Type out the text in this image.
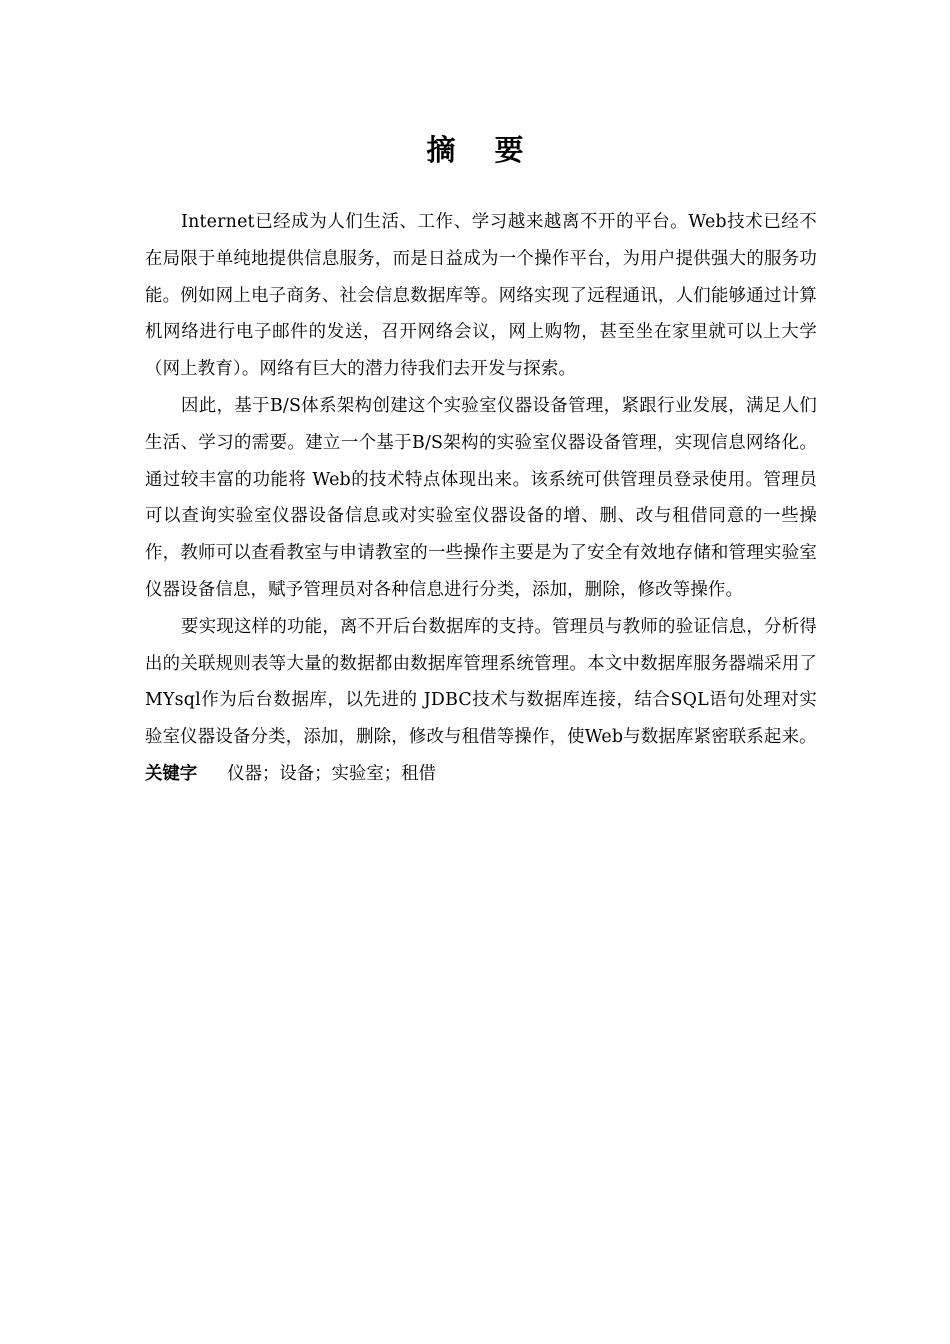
摘 要

Internet已经成为人们生活、工作、学习越来越离不开的平台。Web技术已经不在局限于单纯地提供信息服务，而是日益成为一个操作平台，为用户提供强大的服务功能。例如网上电子商务、社会信息数据库等。网络实现了远程通讯，人们能够通过计算机网络进行电子邮件的发送，召开网络会议，网上购物，甚至坐在家里就可以上大学（网上教育）。网络有巨大的潜力待我们去开发与探索。

因此，基于B/S体系架构创建这个实验室仪器设备管理，紧跟行业发展，满足人们生活、学习的需要。建立一个基于B/S架构的实验室仪器设备管理，实现信息网络化。通过较丰富的功能将 Web的技术特点体现出来。该系统可供管理员登录使用。管理员可以查询实验室仪器设备信息或对实验室仪器设备的增、删、改与租借同意的一些操作，教师可以查看教室与申请教室的一些操作主要是为了安全有效地存储和管理实验室仪器设备信息，赋予管理员对各种信息进行分类，添加，删除，修改等操作。

要实现这样的功能，离不开后台数据库的支持。管理员与教师的验证信息，分析得出的关联规则表等大量的数据都由数据库管理系统管理。本文中数据库服务器端采用了MYsql作为后台数据库，以先进的 JDBC技术与数据库连接，结合SQL语句处理对实验室仪器设备分类，添加，删除，修改与租借等操作，使Web与数据库紧密联系起来。

关键字 仪器；设备；实验室；租借
